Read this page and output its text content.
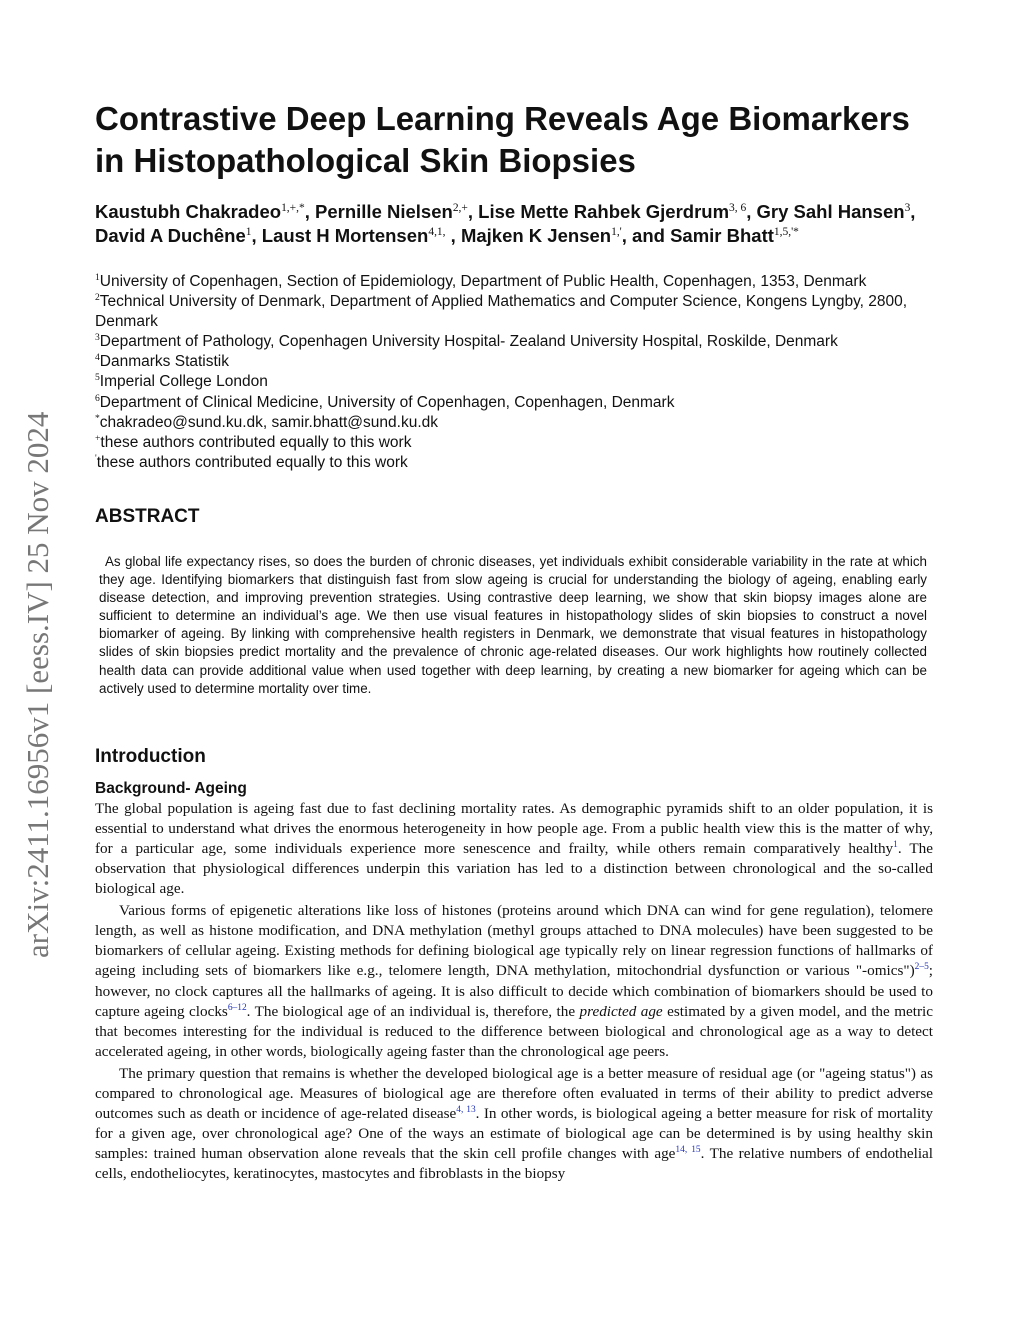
arXiv:2411.16956v1 [eess.IV] 25 Nov 2024
Contrastive Deep Learning Reveals Age Biomarkers in Histopathological Skin Biopsies
Kaustubh Chakradeo$^{1,+,*}$, Pernille Nielsen$^{2,+}$, Lise Mette Rahbek Gjerdrum$^{3, 6}$, Gry Sahl Hansen$^3$, David A Duchêne$^1$, Laust H Mortensen$^{4,1,}$ , Majken K Jensen$^{1,'}$, and Samir Bhatt$^{1,5,'*}$
$^1$University of Copenhagen, Section of Epidemiology, Department of Public Health, Copenhagen, 1353, Denmark
$^2$Technical University of Denmark, Department of Applied Mathematics and Computer Science, Kongens Lyngby, 2800, Denmark
$^3$Department of Pathology, Copenhagen University Hospital- Zealand University Hospital, Roskilde, Denmark
$^4$Danmarks Statistik
$^5$Imperial College London
$^6$Department of Clinical Medicine, University of Copenhagen, Copenhagen, Denmark
*chakradeo@sund.ku.dk, samir.bhatt@sund.ku.dk
+these authors contributed equally to this work
'these authors contributed equally to this work
ABSTRACT
As global life expectancy rises, so does the burden of chronic diseases, yet individuals exhibit considerable variability in the rate at which they age. Identifying biomarkers that distinguish fast from slow ageing is crucial for understanding the biology of ageing, enabling early disease detection, and improving prevention strategies. Using contrastive deep learning, we show that skin biopsy images alone are sufficient to determine an individual’s age. We then use visual features in histopathology slides of skin biopsies to construct a novel biomarker of ageing. By linking with comprehensive health registers in Denmark, we demonstrate that visual features in histopathology slides of skin biopsies predict mortality and the prevalence of chronic age-related diseases. Our work highlights how routinely collected health data can provide additional value when used together with deep learning, by creating a new biomarker for ageing which can be actively used to determine mortality over time.
Introduction
Background- Ageing

The global population is ageing fast due to fast declining mortality rates. As demographic pyramids shift to an older population, it is essential to understand what drives the enormous heterogeneity in how people age. From a public health view this is the matter of why, for a particular age, some individuals experience more senescence and frailty, while others remain comparatively healthy$^1$. The observation that physiological differences underpin this variation has led to a distinction between chronological and the so-called biological age.

Various forms of epigenetic alterations like loss of histones (proteins around which DNA can wind for gene regulation), telomere length, as well as histone modification, and DNA methylation (methyl groups attached to DNA molecules) have been suggested to be biomarkers of cellular ageing. Existing methods for defining biological age typically rely on linear regression functions of hallmarks of ageing including sets of biomarkers like e.g., telomere length, DNA methylation, mitochondrial dysfunction or various "-omics")$^{2-5}$; however, no clock captures all the hallmarks of ageing. It is also difficult to decide which combination of biomarkers should be used to capture ageing clocks$^{6-12}$. The biological age of an individual is, therefore, the predicted age estimated by a given model, and the metric that becomes interesting for the individual is reduced to the difference between biological and chronological age as a way to detect accelerated ageing, in other words, biologically ageing faster than the chronological age peers.

The primary question that remains is whether the developed biological age is a better measure of residual age (or "ageing status") as compared to chronological age. Measures of biological age are therefore often evaluated in terms of their ability to predict adverse outcomes such as death or incidence of age-related disease$^{4, 13}$. In other words, is biological ageing a better measure for risk of mortality for a given age, over chronological age? One of the ways an estimate of biological age can be determined is by using healthy skin samples: trained human observation alone reveals that the skin cell profile changes with age$^{14, 15}$. The relative numbers of endothelial cells, endotheliocytes, keratinocytes, mastocytes and fibroblasts in the biopsy
